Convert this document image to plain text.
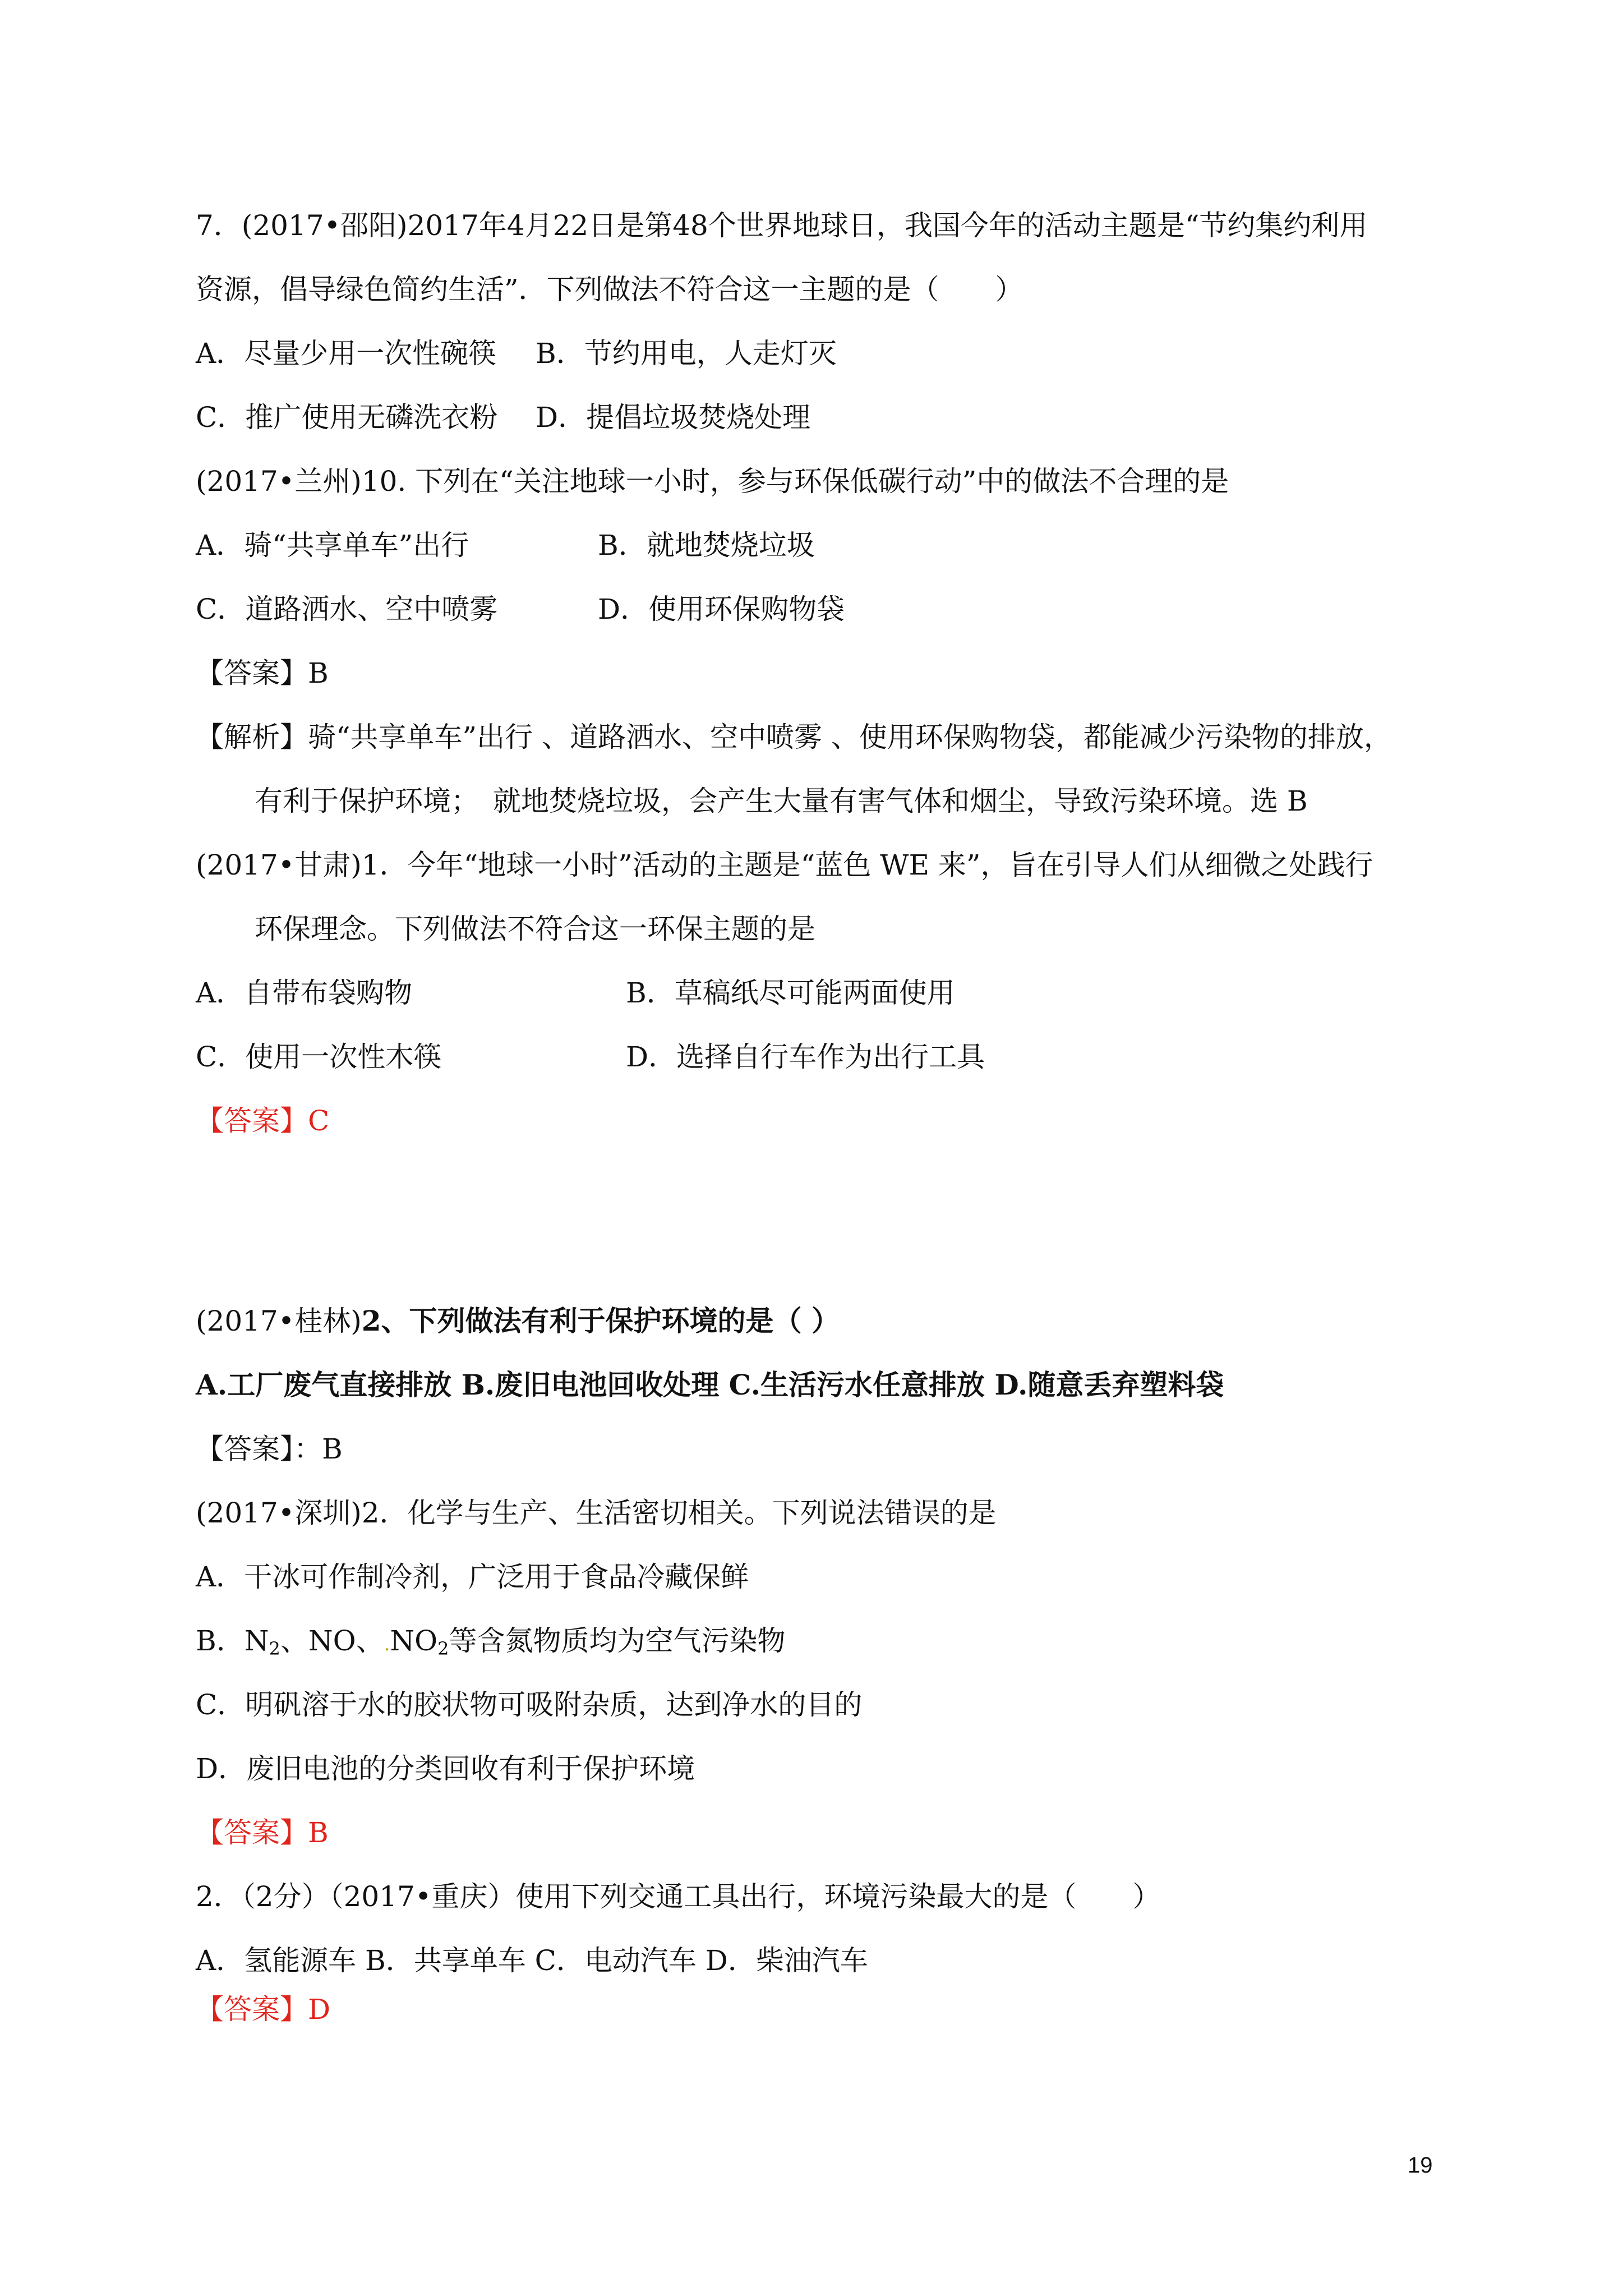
7．(2017•邵阳)2017年4月22日是第48个世界地球日，我国今年的活动主题是“节约集约利用
资源，倡导绿色简约生活”．下列做法不符合这一主题的是（　　）
A．尽量少用一次性碗筷 B．节约用电，人走灯灭
C．推广使用无磷洗衣粉 D．提倡垃圾焚烧处理
(2017•兰州)10. 下列在“关注地球一小时，参与环保低碳行动”中的做法不合理的是
A．骑“共享单车”出行	B．就地焚烧垃圾
C．道路洒水、空中喷雾	D．使用环保购物袋
【答案】B
【解析】骑“共享单车”出行 、道路洒水、空中喷雾 、使用环保购物袋，都能减少污染物的排放，
有利于保护环境；　就地焚烧垃圾，会产生大量有害气体和烟尘，导致污染环境。选 B
(2017•甘肃)1．今年“地球一小时”活动的主题是“蓝色 WE 来”，旨在引导人们从细微之处践行
环保理念。下列做法不符合这一环保主题的是
A．自带布袋购物	B．草稿纸尽可能两面使用
C．使用一次性木筷	D．选择自行车作为出行工具
【答案】C
(2017•桂林)2、下列做法有利于保护环境的是（ ）
A.工厂废气直接排放 B.废旧电池回收处理 C.生活污水任意排放 D.随意丢弃塑料袋
【答案】：B
(2017•深圳)2．化学与生产、生活密切相关。下列说法错误的是
A．干冰可作制冷剂，广泛用于食品冷藏保鲜
B．$N_2$、NO、$.NO_2$等含氮物质均为空气污染物
C．明矾溶于水的胶状物可吸附杂质，达到净水的目的
D．废旧电池的分类回收有利于保护环境
【答案】B
2．（2分）（2017•重庆）使用下列交通工具出行，环境污染最大的是（　　）
A．氢能源车 B．共享单车 C．电动汽车 D．柴油汽车
【答案】D
19
